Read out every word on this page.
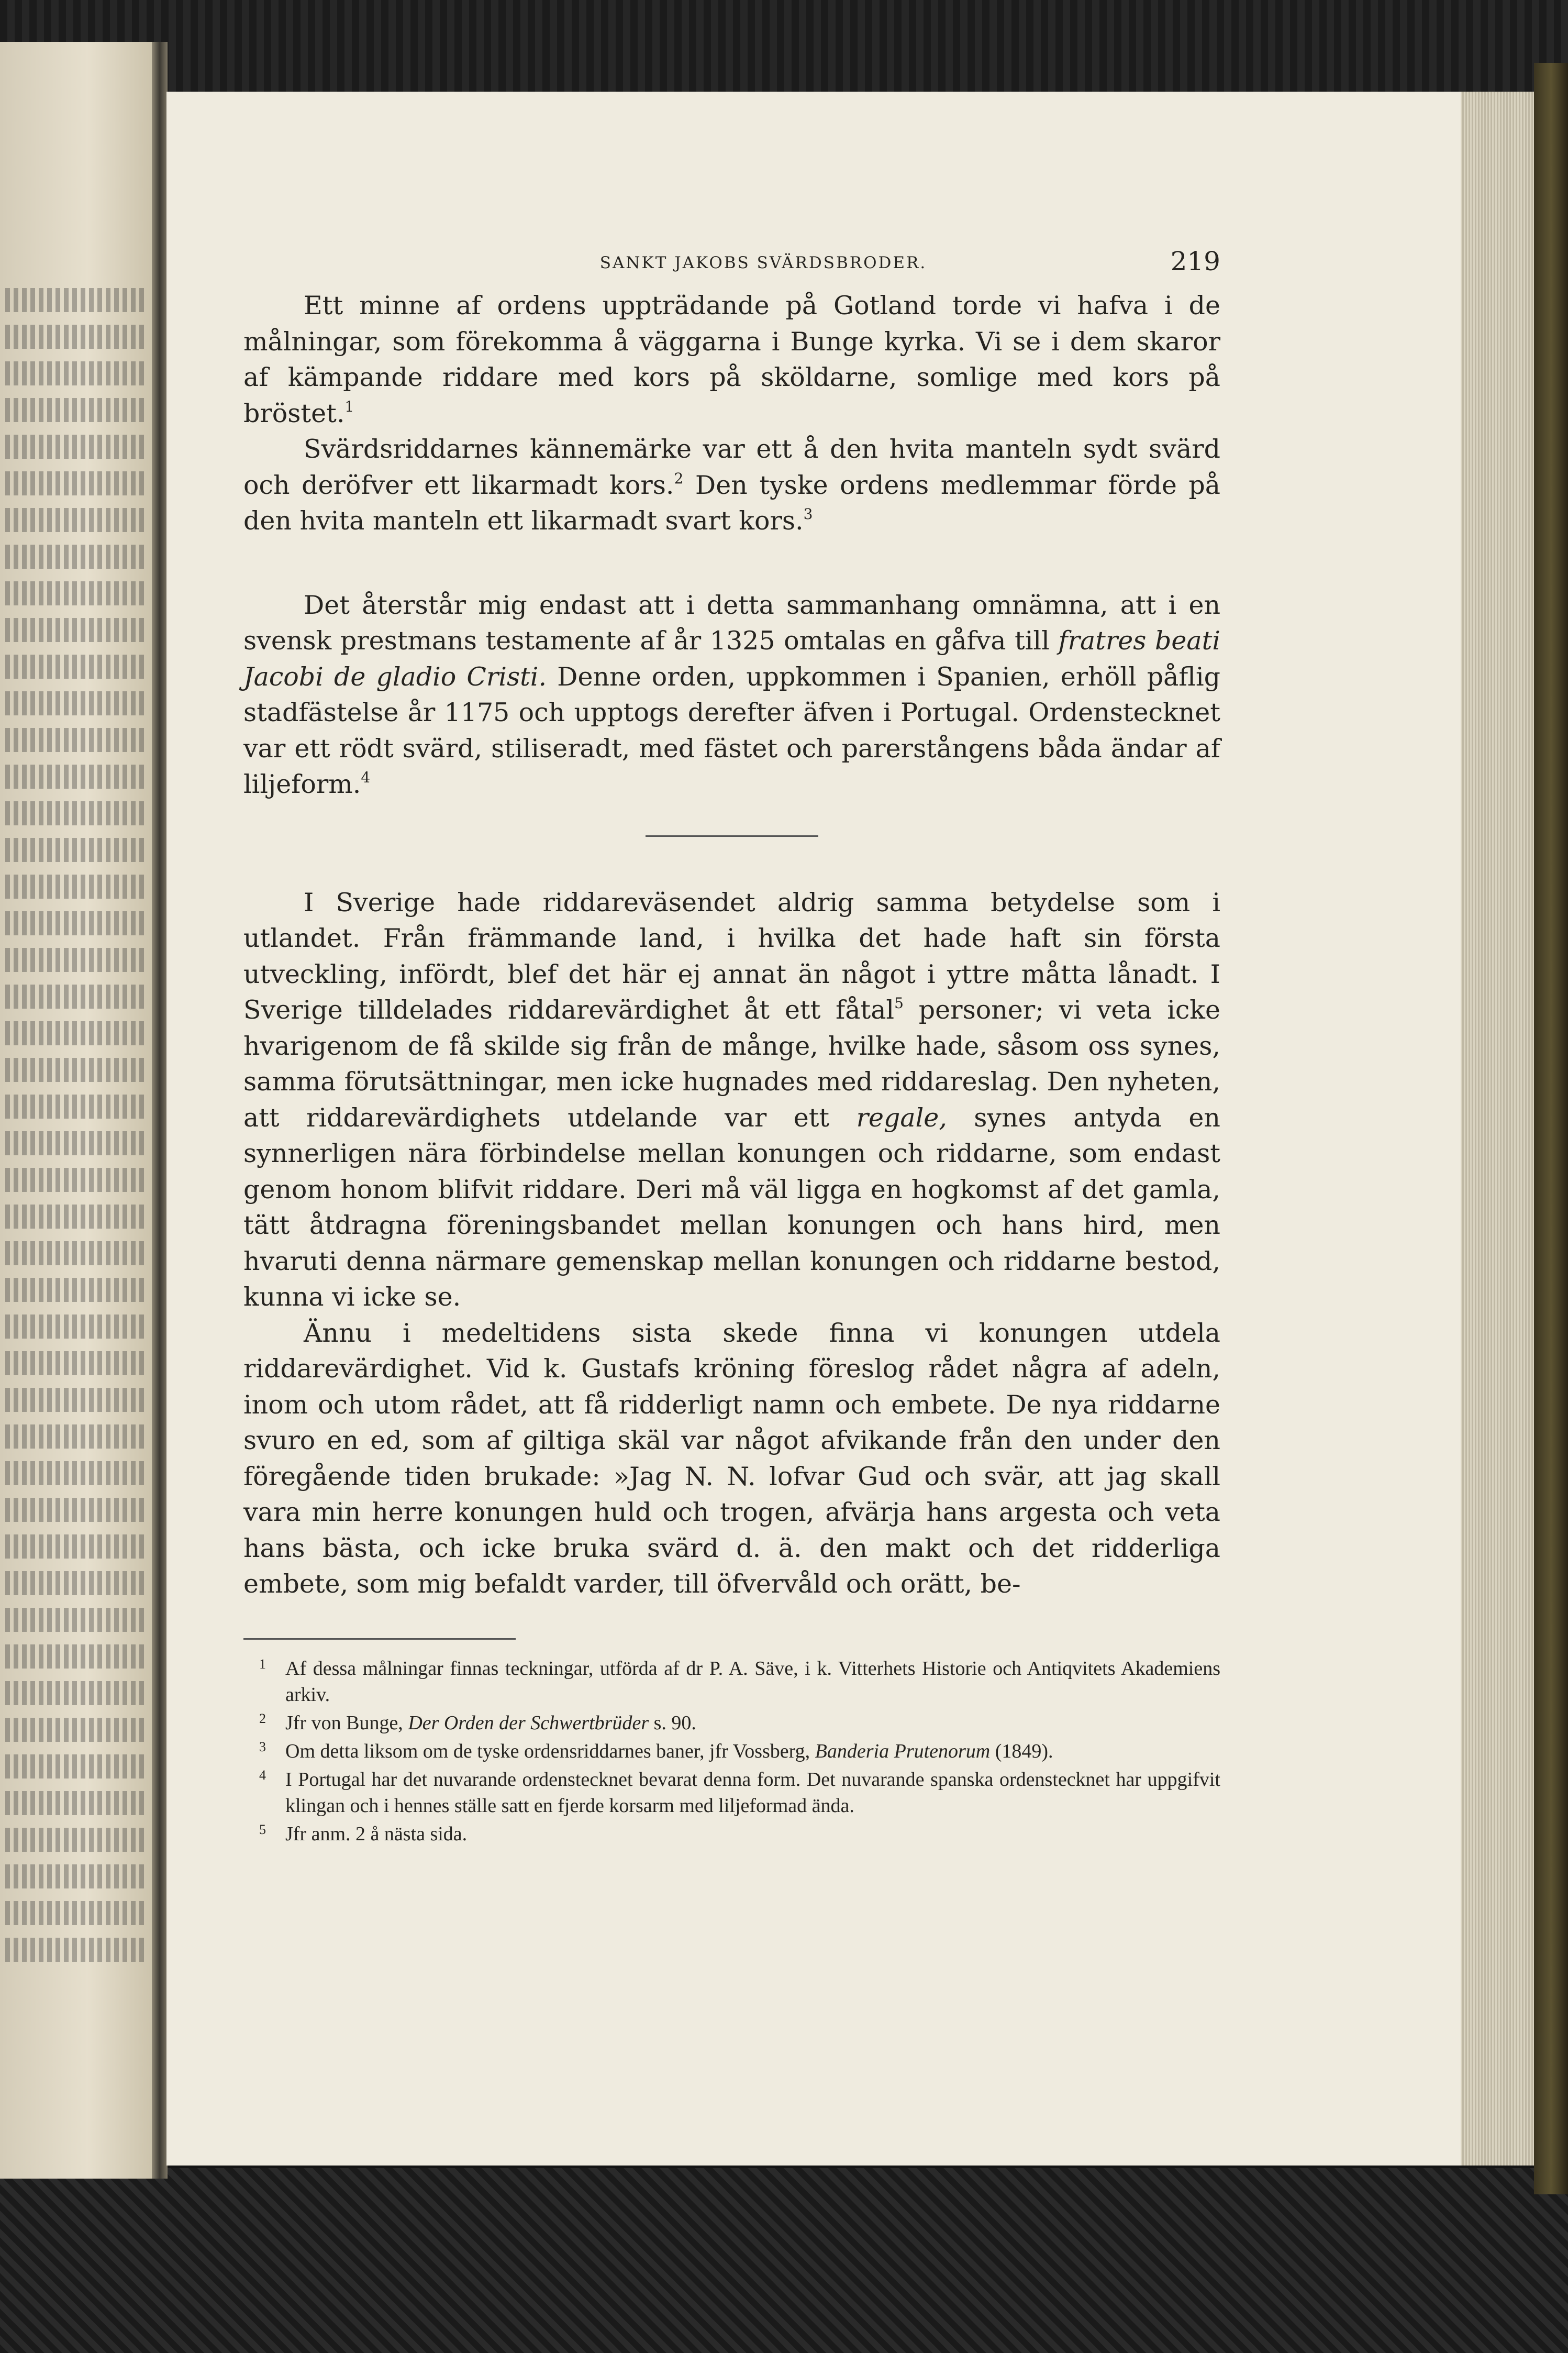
SANKT JAKOBS SVÄRDSBRODER.	219

Ett minne af ordens uppträdande på Gotland torde vi hafva i de målningar, som förekomma å väggarna i Bunge kyrka. Vi se i dem skaror af kämpande riddare med kors på sköldarne, somlige med kors på bröstet.$^1$

Svärdsriddarnes kännemärke var ett å den hvita manteln sydt svärd och deröfver ett likarmadt kors.$^2$ Den tyske ordens medlemmar förde på den hvita manteln ett likarmadt svart kors.$^3$

Det återstår mig endast att i detta sammanhang omnämna, att i en svensk prestmans testamente af år 1325 omtalas en gåfva till fratres beati Jacobi de gladio Cristi. Denne orden, uppkommen i Spanien, erhöll påflig stadfästelse år 1175 och upptogs derefter äfven i Portugal. Ordenstecknet var ett rödt svärd, stiliseradt, med fästet och parerstångens båda ändar af liljeform.$^4$

I Sverige hade riddareväsendet aldrig samma betydelse som i utlandet. Från främmande land, i hvilka det hade haft sin första utveckling, infördt, blef det här ej annat än något i yttre måtta lånadt. I Sverige tilldelades riddarevärdighet åt ett fåtal$^5$ personer; vi veta icke hvarigenom de få skilde sig från de månge, hvilke hade, såsom oss synes, samma förutsättningar, men icke hugnades med riddareslag. Den nyheten, att riddarevärdighets utdelande var ett regale, synes antyda en synnerligen nära förbindelse mellan konungen och riddarne, som endast genom honom blifvit riddare. Deri må väl ligga en hogkomst af det gamla, tätt åtdragna föreningsbandet mellan konungen och hans hird, men hvaruti denna närmare gemenskap mellan konungen och riddarne bestod, kunna vi icke se.

Ännu i medeltidens sista skede finna vi konungen utdela riddarevärdighet. Vid k. Gustafs kröning föreslog rådet några af adeln, inom och utom rådet, att få ridderligt namn och embete. De nya riddarne svuro en ed, som af giltiga skäl var något afvikande från den under den föregående tiden brukade: »Jag N. N. lofvar Gud och svär, att jag skall vara min herre konungen huld och trogen, afvärja hans argesta och veta hans bästa, och icke bruka svärd d. ä. den makt och det ridderliga embete, som mig befaldt varder, till öfvervåld och orätt, be-

1 Af dessa målningar finnas teckningar, utförda af dr P. A. Säve, i k. Vitterhets Historie och Antiqvitets Akademiens arkiv.
2 Jfr von Bunge, Der Orden der Schwertbrüder s. 90.
3 Om detta liksom om de tyske ordensriddarnes baner, jfr Vossberg, Banderia Prutenorum (1849).
4 I Portugal har det nuvarande ordenstecknet bevarat denna form. Det nuvarande spanska ordenstecknet har uppgifvit klingan och i hennes ställe satt en fjerde korsarm med liljeformad ända.
5 Jfr anm. 2 å nästa sida.
